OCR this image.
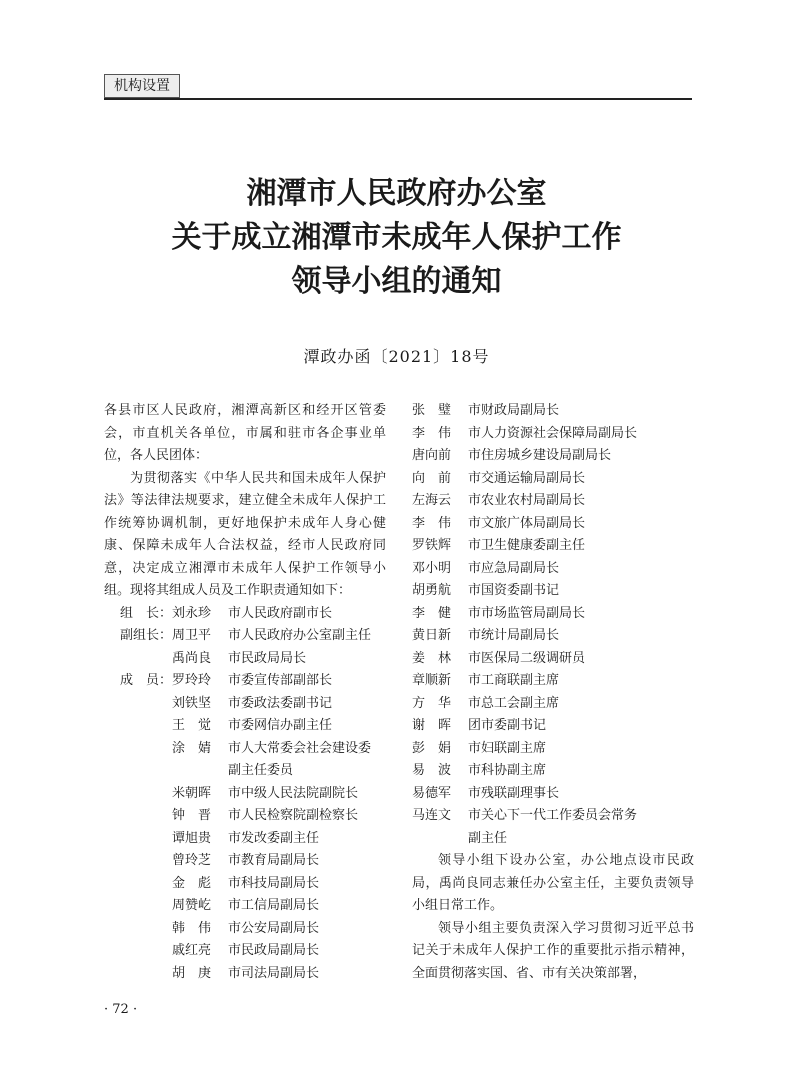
机构设置
湘潭市人民政府办公室
关于成立湘潭市未成年人保护工作
领导小组的通知
潭政办函〔2021〕18号
各县市区人民政府，湘潭高新区和经开区管委会，市直机关各单位，市属和驻市各企事业单位，各人民团体：
为贯彻落实《中华人民共和国未成年人保护法》等法律法规要求，建立健全未成年人保护工作统筹协调机制，更好地保护未成年人身心健康、保障未成年人合法权益，经市人民政府同意，决定成立湘潭市未成年人保护工作领导小组。现将其组成人员及工作职责通知如下：
组　长： 刘永珍	市人民政府副市长
副组长： 周卫平	市人民政府办公室副主任
禹尚良	市民政局局长
成　员： 罗玲玲	市委宣传部副部长
刘铁坚	市委政法委副书记
王　觉	市委网信办副主任
涂　婧	市人大常委会社会建设委
副主任委员
米朝晖	市中级人民法院副院长
钟　晋	市人民检察院副检察长
谭旭贵	市发改委副主任
曾玲芝	市教育局副局长
金　彪	市科技局副局长
周赞屹	市工信局副局长
韩　伟	市公安局副局长
戚红亮	市民政局副局长
胡　庚	市司法局副局长
张　璧	市财政局副局长
李　伟	市人力资源社会保障局副局长
唐向前	市住房城乡建设局副局长
向　前	市交通运输局副局长
左海云	市农业农村局副局长
李　伟	市文旅广体局副局长
罗铁辉	市卫生健康委副主任
邓小明	市应急局副局长
胡勇航	市国资委副书记
李　健	市市场监管局副局长
黄日新	市统计局副局长
姜　林	市医保局二级调研员
章顺新	市工商联副主席
方　华	市总工会副主席
谢　晖	团市委副书记
彭　娟	市妇联副主席
易　波	市科协副主席
易德军	市残联副理事长
马连文	市关心下一代工作委员会常务
副主任
领导小组下设办公室，办公地点设市民政局，禹尚良同志兼任办公室主任，主要负责领导小组日常工作。
领导小组主要负责深入学习贯彻习近平总书记关于未成年人保护工作的重要批示指示精神，全面贯彻落实国、省、市有关决策部署，
· 72 ·
